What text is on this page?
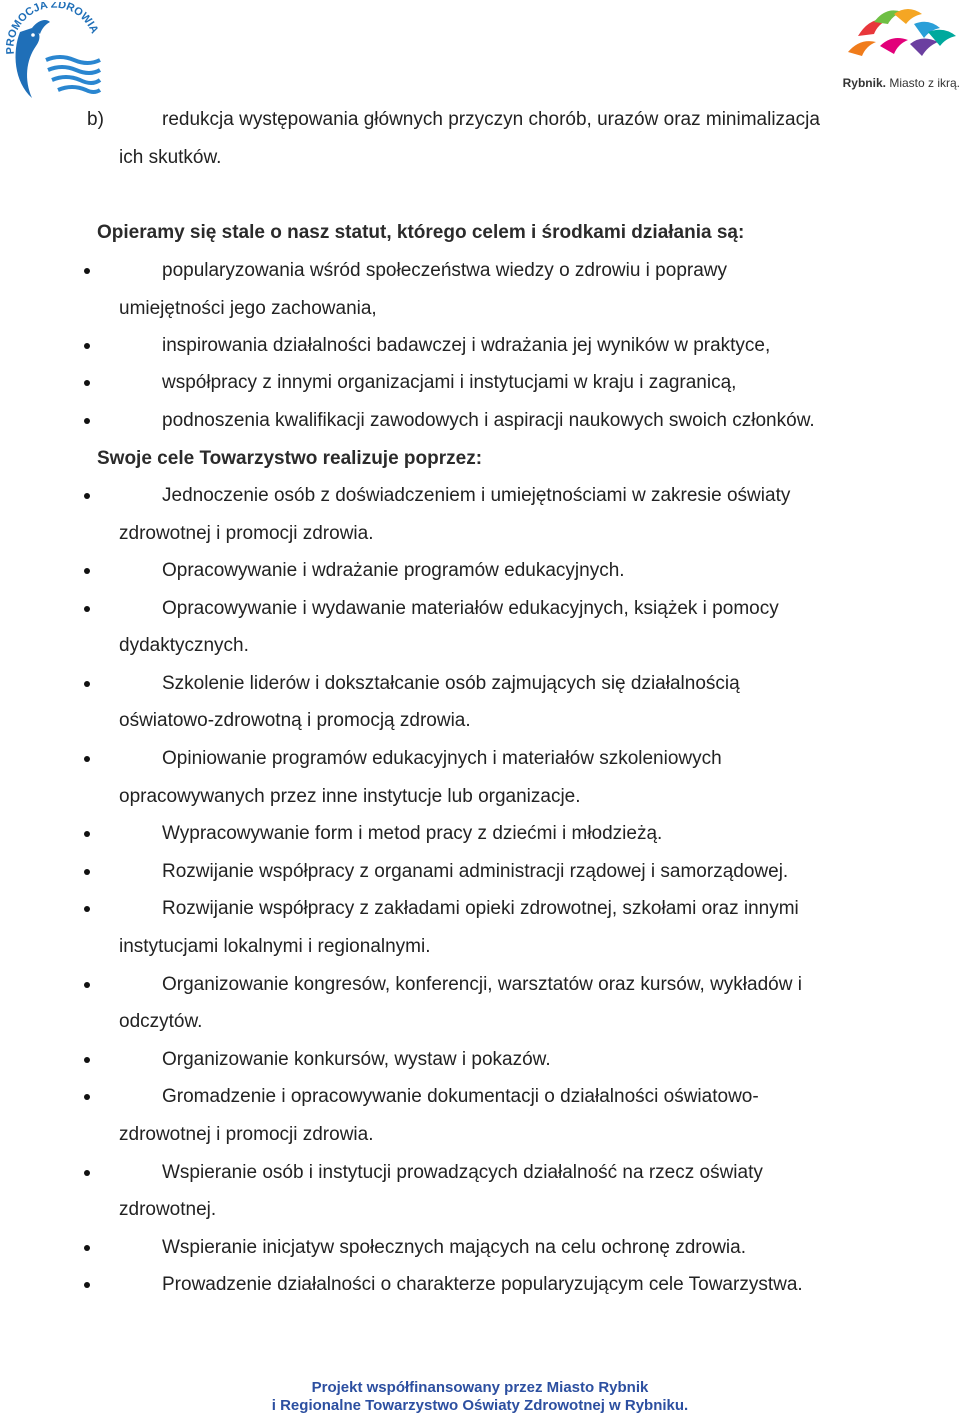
PROMOCJA ZDROWIA
Rybnik. Miasto z ikrą.
b)	redukcja występowania głównych przyczyn chorób, urazów oraz minimalizacja
ich skutków.
Opieramy się stale o nasz statut, którego celem i środkami działania są:
popularyzowania wśród społeczeństwa wiedzy o zdrowiu i poprawy
umiejętności jego zachowania,
inspirowania działalności badawczej i wdrażania jej wyników w praktyce,
współpracy z innymi organizacjami i instytucjami w kraju i zagranicą,
podnoszenia kwalifikacji zawodowych i aspiracji naukowych swoich członków.
Swoje cele Towarzystwo realizuje poprzez:
Jednoczenie osób z doświadczeniem i umiejętnościami w zakresie oświaty
zdrowotnej i promocji zdrowia.
Opracowywanie i wdrażanie programów edukacyjnych.
Opracowywanie i wydawanie materiałów edukacyjnych, książek i pomocy
dydaktycznych.
Szkolenie liderów i dokształcanie osób zajmujących się działalnością
oświatowo-zdrowotną i promocją zdrowia.
Opiniowanie programów edukacyjnych i materiałów szkoleniowych
opracowywanych przez inne instytucje lub organizacje.
Wypracowywanie form i metod pracy z dziećmi i młodzieżą.
Rozwijanie współpracy z organami administracji rządowej i samorządowej.
Rozwijanie współpracy z zakładami opieki zdrowotnej, szkołami oraz innymi
instytucjami lokalnymi i regionalnymi.
Organizowanie kongresów, konferencji, warsztatów oraz kursów, wykładów i
odczytów.
Organizowanie konkursów, wystaw i pokazów.
Gromadzenie i opracowywanie dokumentacji o działalności oświatowo-
zdrowotnej i promocji zdrowia.
Wspieranie osób i instytucji prowadzących działalność na rzecz oświaty
zdrowotnej.
Wspieranie inicjatyw społecznych mających na celu ochronę zdrowia.
Prowadzenie działalności o charakterze popularyzującym cele Towarzystwa.
Projekt współfinansowany przez Miasto Rybnik
i Regionalne Towarzystwo Oświaty Zdrowotnej w Rybniku.
